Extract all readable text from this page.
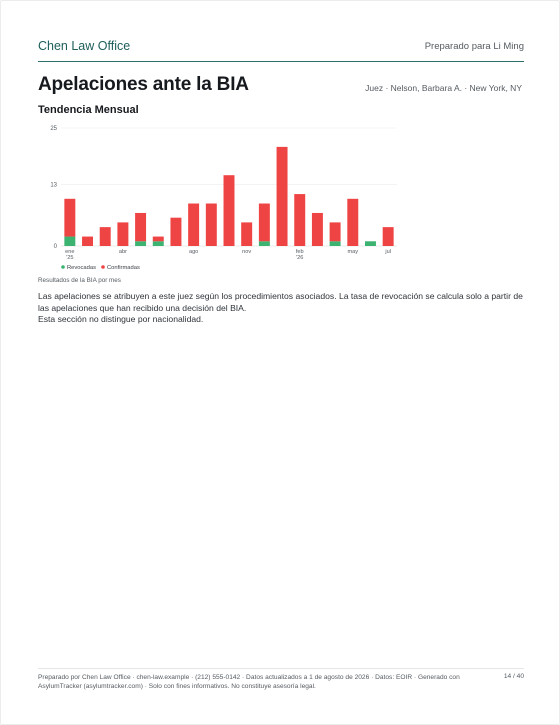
Chen Law Office	Preparado para Li Ming
Apelaciones ante la BIA	Juez · Nelson, Barbara A. · New York, NY
Tendencia Mensual
0
13
25
ene
'25
abr	ago	nov	feb
'26
may	jul
Revocadas Confirmadas
Resultados de la BIA por mes

Las apelaciones se atribuyen a este juez según los procedimientos asociados. La tasa de revocación se calcula solo a partir de las apelaciones que han recibido una decisión del BIA.

Esta sección no distingue por nacionalidad.

Preparado por Chen Law Office · chen-law.example · (212) 555-0142 · Datos actualizados a 1 de agosto de 2026 · Datos: EOIR · Generado con AsylumTracker (asylumtracker.com) · Solo con fines informativos. No constituye asesoría legal.
14 / 40
